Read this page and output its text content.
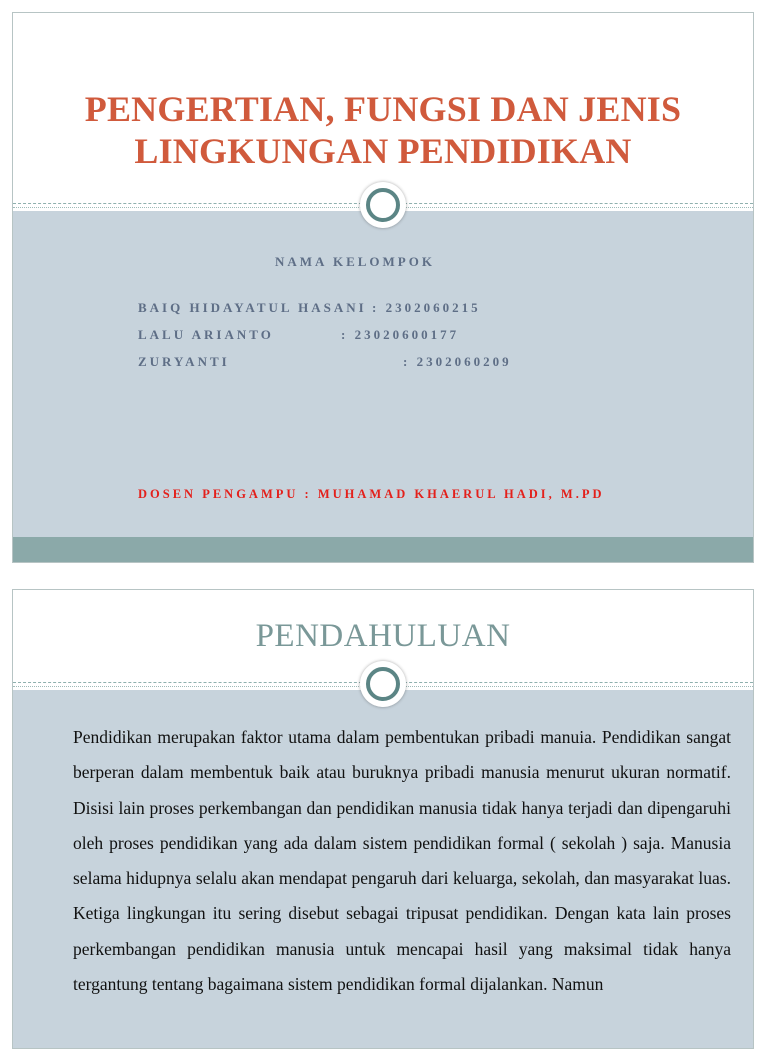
PENGERTIAN, FUNGSI DAN JENIS
LINGKUNGAN PENDIDIKAN
NAMA KELOMPOK
BAIQ HIDAYATUL HASANI : 2302060215
LALU ARIANTO	: 23020600177
ZURYANTI	: 2302060209
DOSEN PENGAMPU : MUHAMAD KHAERUL HADI, M.PD
PENDAHULUAN
Pendidikan merupakan faktor utama dalam pembentukan pribadi manuia. Pendidikan sangat berperan dalam membentuk baik atau buruknya pribadi manusia menurut ukuran normatif. Disisi lain proses perkembangan dan pendidikan manusia tidak hanya terjadi dan dipengaruhi oleh proses pendidikan yang ada dalam sistem pendidikan formal ( sekolah ) saja. Manusia selama hidupnya selalu akan mendapat pengaruh dari keluarga, sekolah, dan masyarakat luas. Ketiga lingkungan itu sering disebut sebagai tripusat pendidikan. Dengan kata lain proses perkembangan pendidikan manusia untuk mencapai hasil yang maksimal tidak hanya tergantung tentang bagaimana sistem pendidikan formal dijalankan. Namun
